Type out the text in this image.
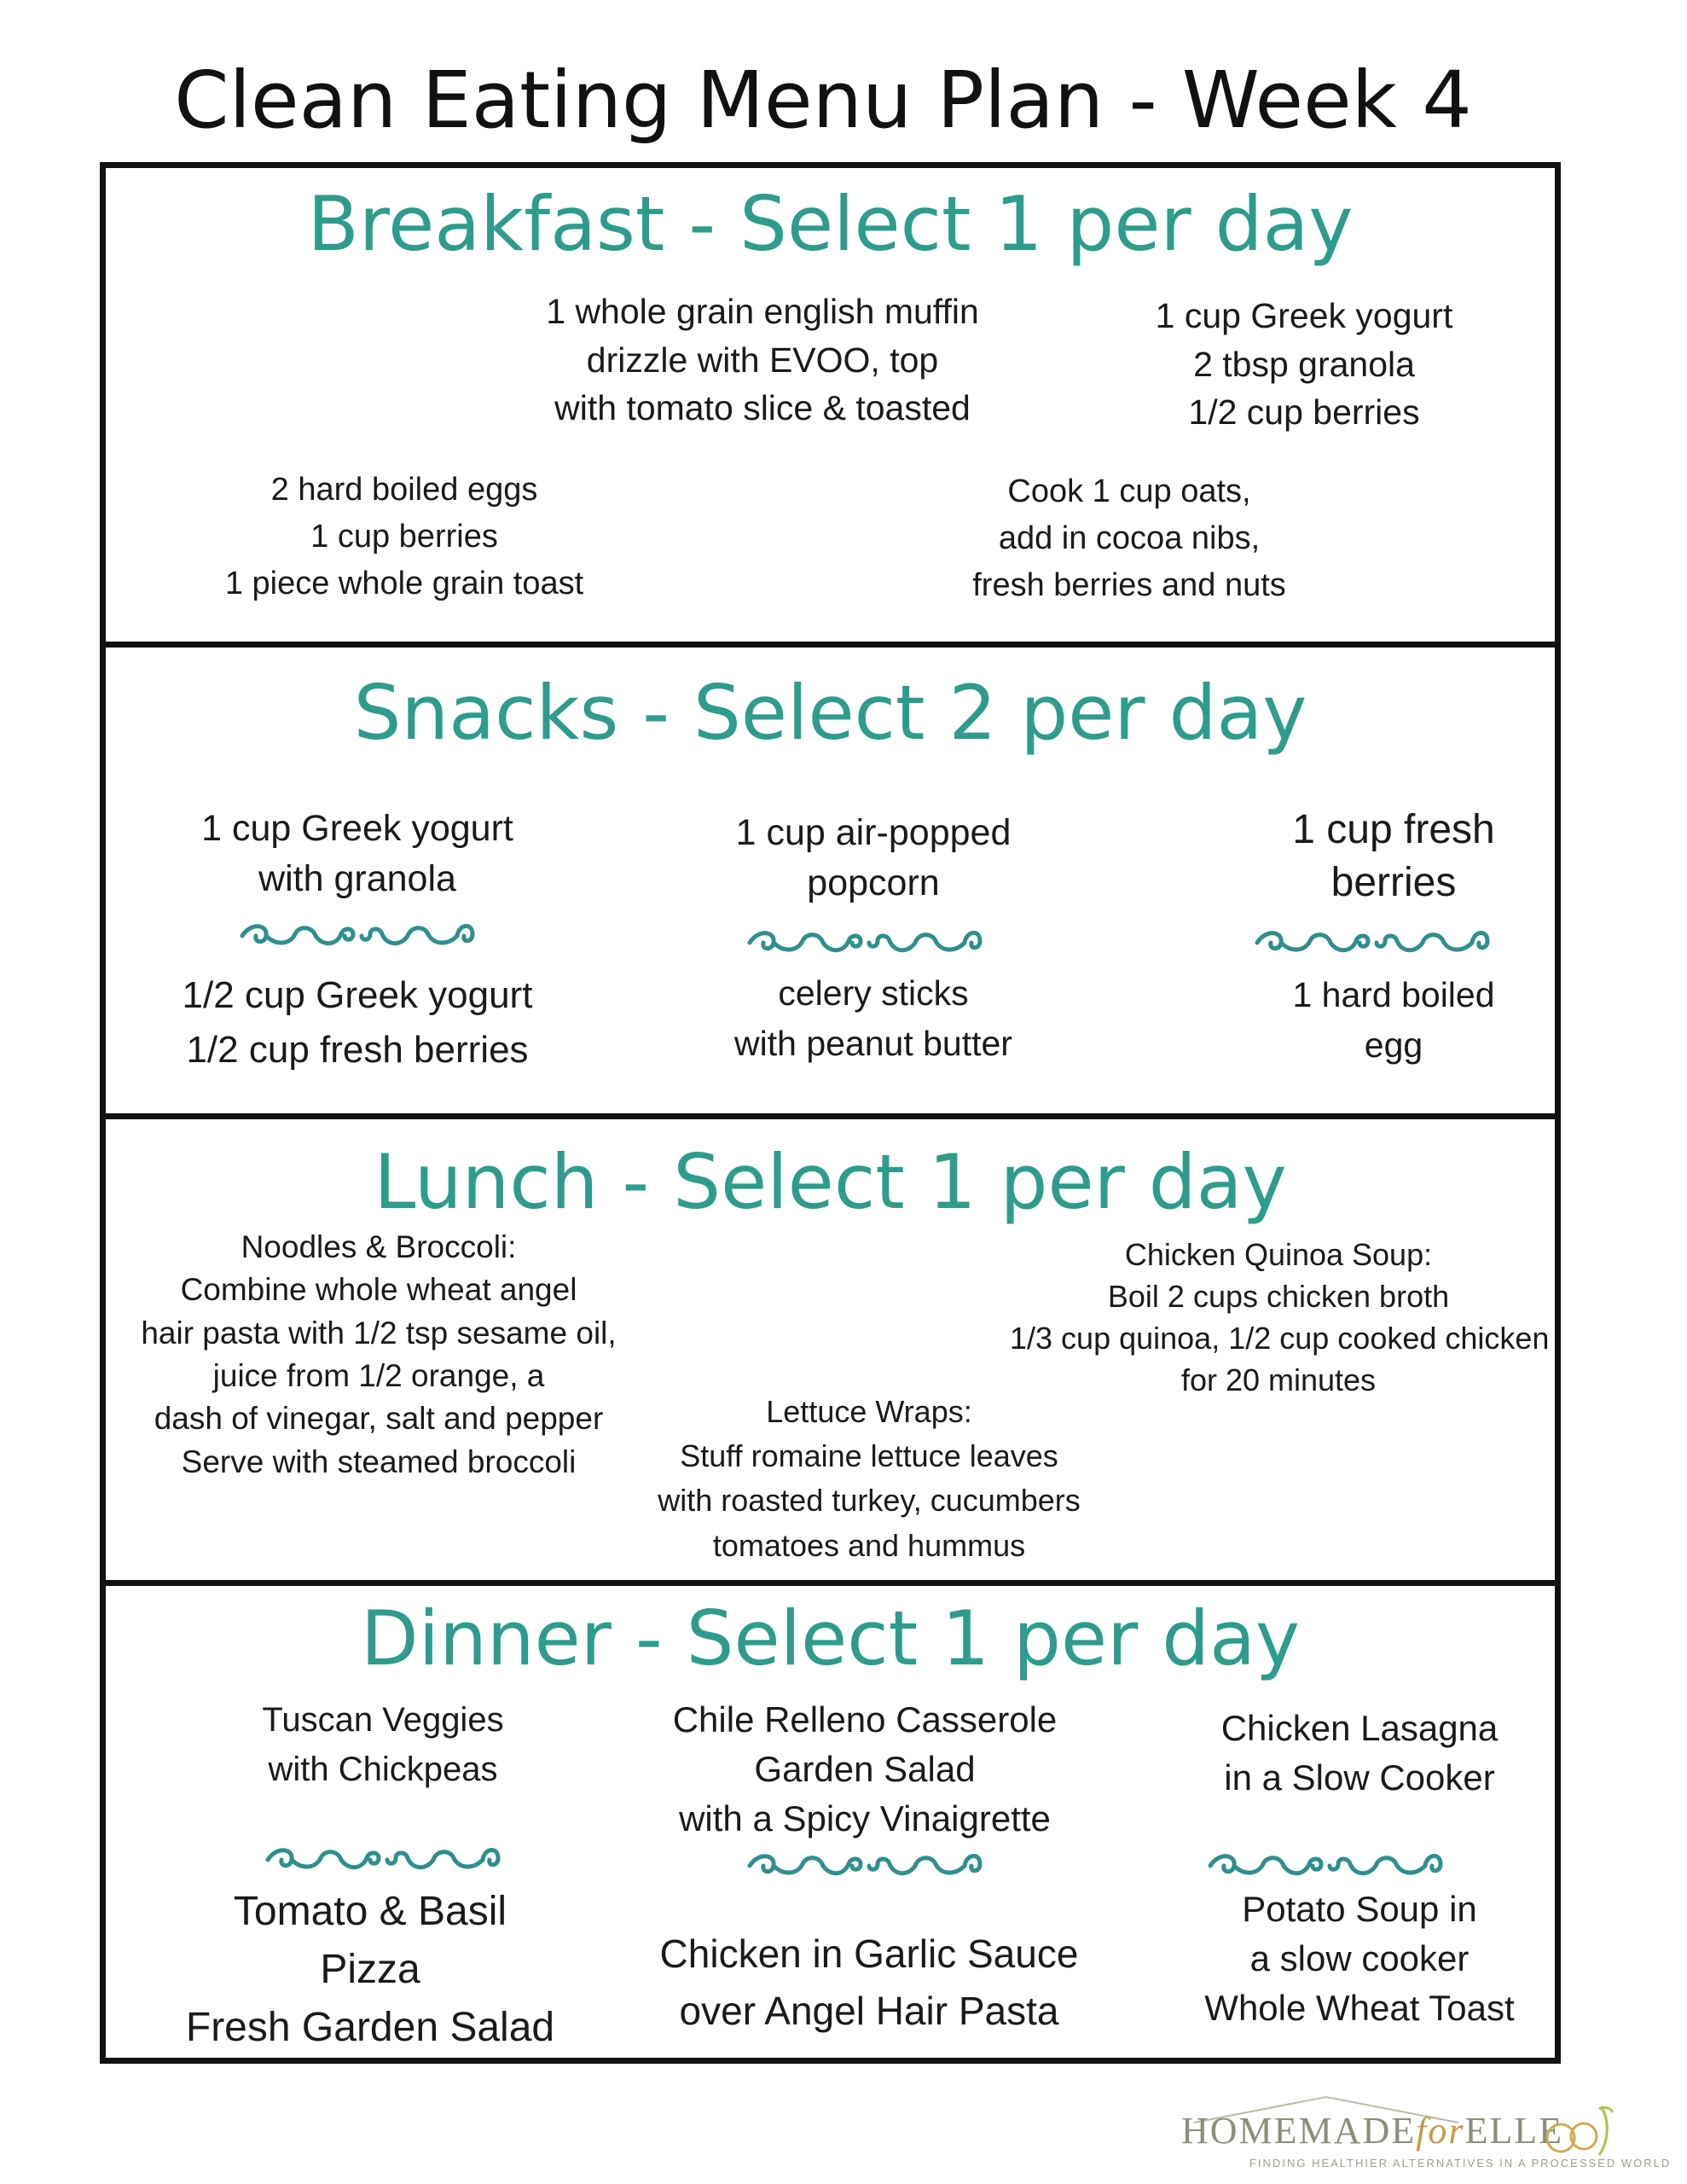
Clean Eating Menu Plan - Week 4
Breakfast - Select 1 per day
1 whole grain english muffin
drizzle with EVOO, top
with tomato slice & toasted
1 cup Greek yogurt
2 tbsp granola
1/2 cup berries
2 hard boiled eggs
1 cup berries
1 piece whole grain toast
Cook 1 cup oats,
add in cocoa nibs,
fresh berries and nuts
Snacks - Select 2 per day
1 cup Greek yogurt
with granola
1 cup air-popped
popcorn
1 cup fresh
berries
1/2 cup Greek yogurt
1/2 cup fresh berries
celery sticks
with peanut butter
1 hard boiled
egg
Lunch - Select 1 per day
Noodles & Broccoli:
Combine whole wheat angel
hair pasta with 1/2 tsp sesame oil,
juice from 1/2 orange, a
dash of vinegar, salt and pepper
Serve with steamed broccoli
Chicken Quinoa Soup:
Boil 2 cups chicken broth
1/3 cup quinoa, 1/2 cup cooked chicken
for 20 minutes
Lettuce Wraps:
Stuff romaine lettuce leaves
with roasted turkey, cucumbers
tomatoes and hummus
Dinner - Select 1 per day
Tuscan Veggies
with Chickpeas
Chile Relleno Casserole
Garden Salad
with a Spicy Vinaigrette
Chicken Lasagna
in a Slow Cooker
Tomato & Basil
Pizza
Fresh Garden Salad
Chicken in Garlic Sauce
over Angel Hair Pasta
Potato Soup in
a slow cooker
Whole Wheat Toast
HOMEMADEforELLE
FINDING HEALTHIER ALTERNATIVES IN A PROCESSED WORLD
